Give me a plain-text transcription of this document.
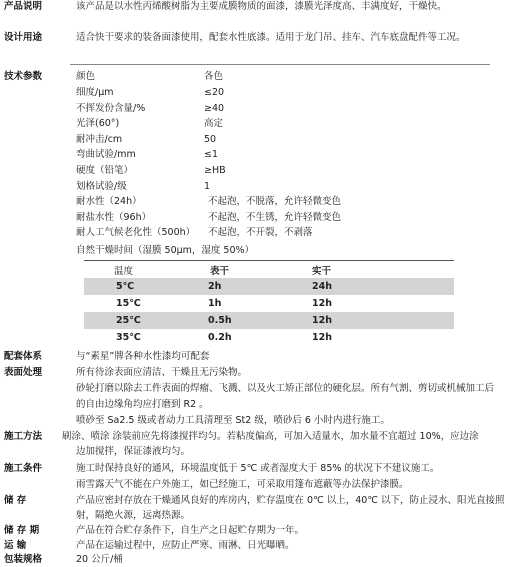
产品说明	该产品是以水性丙烯酸树脂为主要成膜物质的面漆，漆膜光泽度高、丰满度好，干燥快。
设计用途	适合快干要求的装备面漆使用，配套水性底漆。适用于龙门吊、挂车、汽车底盘配件等工况。
技术参数	颜色	各色
细度/μm	≤20
不挥发份含量/%	≥40
光泽(60°)	高定
耐冲击/cm	50
弯曲试验/mm	≤1
硬度（铅笔）	≥HB
划格试验/级	1
耐水性（24h）	不起泡，不脱落，允许轻微变色
耐盐水性（96h）	不起泡，不生锈，允许轻微变色
耐人工气候老化性（500h） 不起泡，不开裂，不剥落
自然干燥时间（湿膜 50μm，湿度 50%）
温度	表干	实干
5℃	2h	24h
15℃	1h	12h
25℃	0.5h	12h
35℃	0.2h	12h
配套体系	与“素星”牌各种水性漆均可配套
表面处理	所有待涂表面应清洁、干燥且无污染物。
砂轮打磨以除去工件表面的焊瘤、飞溅、以及火工矫正部位的硬化层。所有气割、剪切或机械加工后
的自由边缘角均应打磨到 R2 。
喷砂至 Sa2.5 级或者动力工具清理至 St2 级，喷砂后 6 小时内进行施工。
施工方法 刷涂、喷涂 涂装前应先将漆搅拌均匀。若粘度偏高，可加入适量水，加水量不宜超过 10%，应边涂
边加搅拌，保证漆液均匀。
施工条件	施工时保持良好的通风，环境温度低于 5℃ 或者湿度大于 85% 的状况下不建议施工。
雨雪露天气不能在户外施工，如已经施工，可采取用篷布遮蔽等办法保护漆膜。
储 存	产品应密封存放在干燥通风良好的库房内，贮存温度在 0℃ 以上，40℃ 以下，防止浸水、阳光直接照
射，隔绝火源，远离热源。
储 存 期	产品在符合贮存条件下，自生产之日起贮存期为一年。
运 输	产品在运输过程中，应防止严寒、雨淋、日光曝晒。
包装规格	20 公斤/桶
